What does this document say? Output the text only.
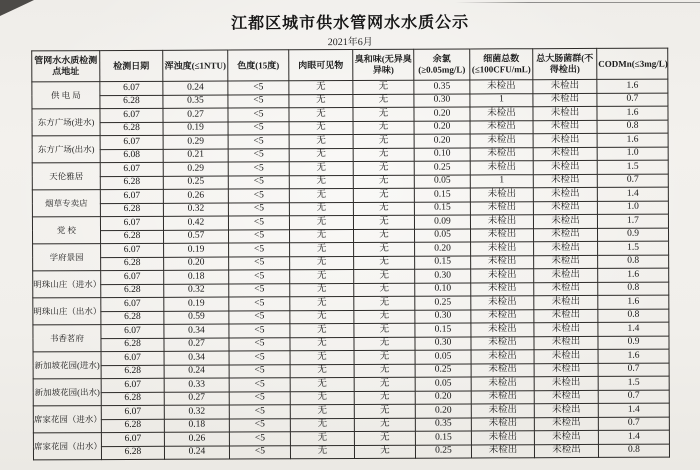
江都区城市供水管网水水质公示
2021年6月
管网水水质检测点地址	检测日期	浑浊度(≤1NTU)	色度(15度)	肉眼可见物	臭和味(无异臭异味)	余氯(≥0.05mg/L)	细菌总数(≤100CFU/mL)	总大肠菌群(不得检出)	CODMn(≤3mg/L)
供 电 局	6.07	0.24	<5	无	无	0.35	未检出	未检出	1.6
	6.28	0.35	<5	无	无	0.30	1	未检出	0.7
东方广场(进水)	6.07	0.27	<5	无	无	0.20	未检出	未检出	1.6
	6.28	0.19	<5	无	无	0.20	未检出	未检出	0.8
东方广场(出水)	6.07	0.29	<5	无	无	0.20	未检出	未检出	1.6
	6.08	0.21	<5	无	无	0.10	未检出	未检出	1.0
天伦雅居	6.07	0.29	<5	无	无	0.25	未检出	未检出	1.5
	6.28	0.25	<5	无	无	0.05	1	未检出	0.7
烟草专卖店	6.07	0.26	<5	无	无	0.15	未检出	未检出	1.4
	6.28	0.32	<5	无	无	0.15	未检出	未检出	1.0
党 校	6.07	0.42	<5	无	无	0.09	未检出	未检出	1.7
	6.28	0.57	<5	无	无	0.05	未检出	未检出	0.9
学府景园	6.07	0.19	<5	无	无	0.20	未检出	未检出	1.5
	6.28	0.20	<5	无	无	0.15	未检出	未检出	0.8
明珠山庄（进水）	6.07	0.18	<5	无	无	0.30	未检出	未检出	1.6
	6.28	0.32	<5	无	无	0.10	未检出	未检出	0.8
明珠山庄（出水）	6.07	0.19	<5	无	无	0.25	未检出	未检出	1.6
	6.28	0.59	<5	无	无	0.30	未检出	未检出	0.8
书香茗府	6.07	0.34	<5	无	无	0.15	未检出	未检出	1.4
	6.28	0.27	<5	无	无	0.30	未检出	未检出	0.9
新加坡花园(进水)	6.07	0.34	<5	无	无	0.05	未检出	未检出	1.6
	6.28	0.24	<5	无	无	0.25	未检出	未检出	0.7
新加坡花园(出水)	6.07	0.33	<5	无	无	0.05	未检出	未检出	1.5
	6.28	0.27	<5	无	无	0.20	未检出	未检出	0.7
席家花园（进水）	6.07	0.32	<5	无	无	0.20	未检出	未检出	1.4
	6.28	0.18	<5	无	无	0.35	未检出	未检出	0.7
席家花园（出水）	6.07	0.26	<5	无	无	0.15	未检出	未检出	1.4
	6.28	0.24	<5	无	无	0.25	未检出	未检出	0.8
